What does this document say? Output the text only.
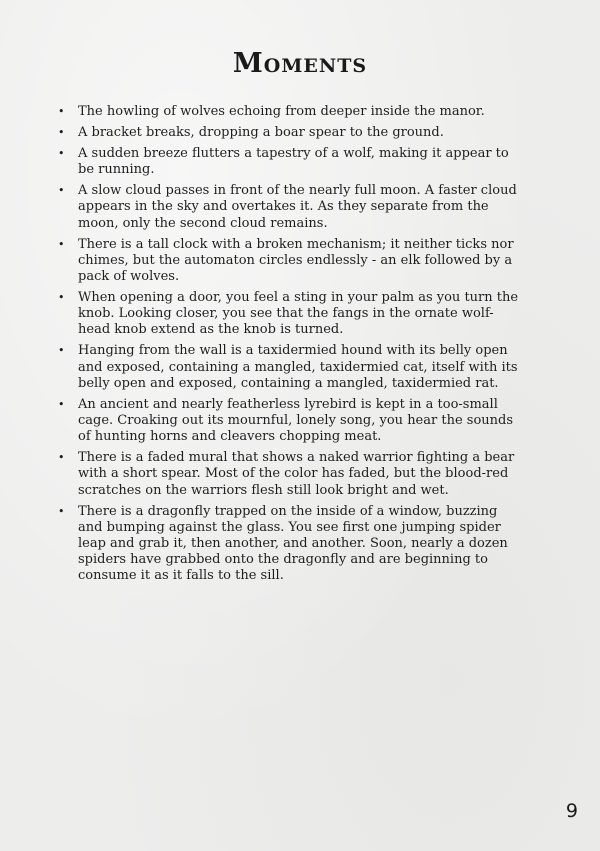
Moments
• The howling of wolves echoing from deeper inside the manor.
• A bracket breaks, dropping a boar spear to the ground.
• A sudden breeze flutters a tapestry of a wolf, making it appear to be running.
• A slow cloud passes in front of the nearly full moon. A faster cloud appears in the sky and overtakes it. As they separate from the moon, only the second cloud remains.
• There is a tall clock with a broken mechanism; it neither ticks nor chimes, but the automaton circles endlessly - an elk followed by a pack of wolves.
• When opening a door, you feel a sting in your palm as you turn the knob. Looking closer, you see that the fangs in the ornate wolf-head knob extend as the knob is turned.
• Hanging from the wall is a taxidermied hound with its belly open and exposed, containing a mangled, taxidermied cat, itself with its belly open and exposed, containing a mangled, taxidermied rat.
• An ancient and nearly featherless lyrebird is kept in a too-small cage. Croaking out its mournful, lonely song, you hear the sounds of hunting horns and cleavers chopping meat.
• There is a faded mural that shows a naked warrior fighting a bear with a short spear. Most of the color has faded, but the blood-red scratches on the warriors flesh still look bright and wet.
• There is a dragonfly trapped on the inside of a window, buzzing and bumping against the glass. You see first one jumping spider leap and grab it, then another, and another. Soon, nearly a dozen spiders have grabbed onto the dragonfly and are beginning to consume it as it falls to the sill.
9
